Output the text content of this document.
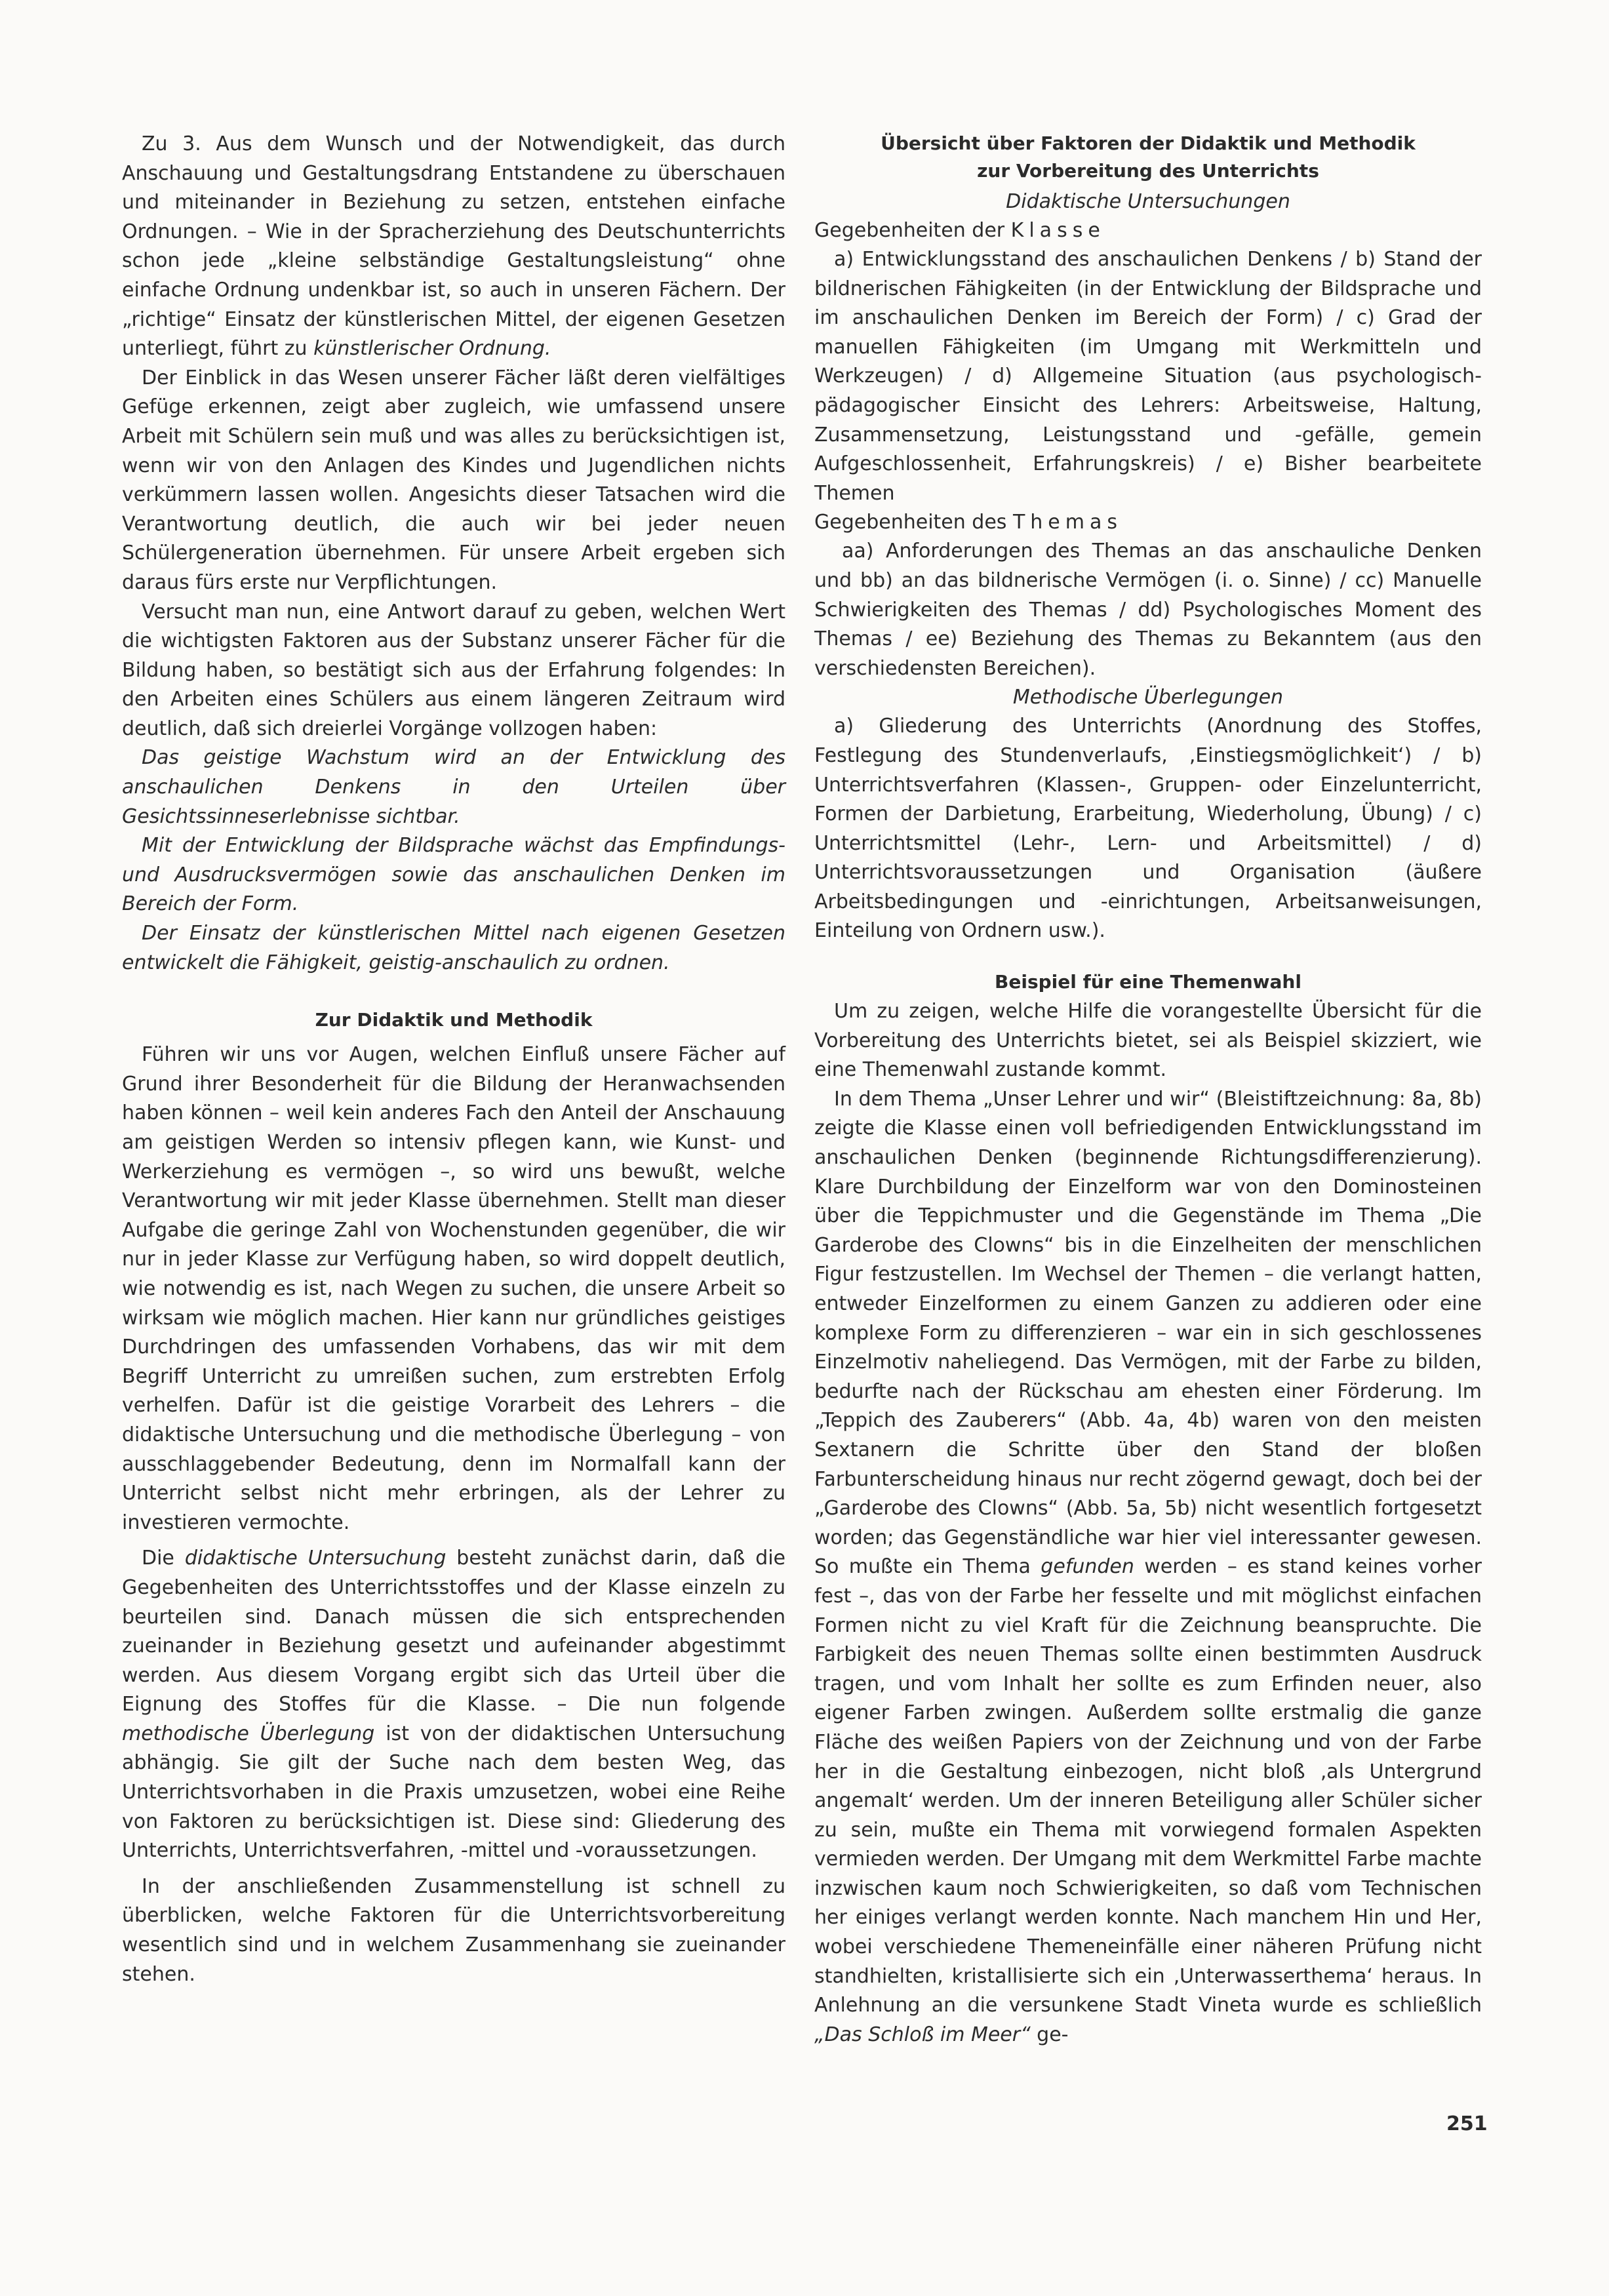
Zu 3. Aus dem Wunsch und der Notwendigkeit, das durch Anschauung und Gestaltungsdrang Entstandene zu überschauen und miteinander in Beziehung zu setzen, entstehen einfache Ordnungen. – Wie in der Spracherziehung des Deutschunterrichts schon jede „kleine selbständige Gestaltungsleistung“ ohne einfache Ordnung undenkbar ist, so auch in unseren Fächern. Der „richtige“ Einsatz der künstlerischen Mittel, der eigenen Gesetzen unterliegt, führt zu künstlerischer Ordnung.

Der Einblick in das Wesen unserer Fächer läßt deren vielfältiges Gefüge erkennen, zeigt aber zugleich, wie umfassend unsere Arbeit mit Schülern sein muß und was alles zu berücksichtigen ist, wenn wir von den Anlagen des Kindes und Jugendlichen nichts verkümmern lassen wollen. Angesichts dieser Tatsachen wird die Verantwortung deutlich, die auch wir bei jeder neuen Schülergeneration übernehmen. Für unsere Arbeit ergeben sich daraus fürs erste nur Verpflichtungen.

Versucht man nun, eine Antwort darauf zu geben, welchen Wert die wichtigsten Faktoren aus der Substanz unserer Fächer für die Bildung haben, so bestätigt sich aus der Erfahrung folgendes: In den Arbeiten eines Schülers aus einem längeren Zeitraum wird deutlich, daß sich dreierlei Vorgänge vollzogen haben:

Das geistige Wachstum wird an der Entwicklung des anschaulichen Denkens in den Urteilen über Gesichtssinneserlebnisse sichtbar.

Mit der Entwicklung der Bildsprache wächst das Empfindungs- und Ausdrucksvermögen sowie das anschaulichen Denken im Bereich der Form.

Der Einsatz der künstlerischen Mittel nach eigenen Gesetzen entwickelt die Fähigkeit, geistig-anschaulich zu ordnen.

Zur Didaktik und Methodik

Führen wir uns vor Augen, welchen Einfluß unsere Fächer auf Grund ihrer Besonderheit für die Bildung der Heranwachsenden haben können – weil kein anderes Fach den Anteil der Anschauung am geistigen Werden so intensiv pflegen kann, wie Kunst- und Werkerziehung es vermögen –, so wird uns bewußt, welche Verantwortung wir mit jeder Klasse übernehmen. Stellt man dieser Aufgabe die geringe Zahl von Wochenstunden gegenüber, die wir nur in jeder Klasse zur Verfügung haben, so wird doppelt deutlich, wie notwendig es ist, nach Wegen zu suchen, die unsere Arbeit so wirksam wie möglich machen. Hier kann nur gründliches geistiges Durchdringen des umfassenden Vorhabens, das wir mit dem Begriff Unterricht zu umreißen suchen, zum erstrebten Erfolg verhelfen. Dafür ist die geistige Vorarbeit des Lehrers – die didaktische Untersuchung und die methodische Überlegung – von ausschlaggebender Bedeutung, denn im Normalfall kann der Unterricht selbst nicht mehr erbringen, als der Lehrer zu investieren vermochte.

Die didaktische Untersuchung besteht zunächst darin, daß die Gegebenheiten des Unterrichtsstoffes und der Klasse einzeln zu beurteilen sind. Danach müssen die sich entsprechenden zueinander in Beziehung gesetzt und aufeinander abgestimmt werden. Aus diesem Vorgang ergibt sich das Urteil über die Eignung des Stoffes für die Klasse. – Die nun folgende methodische Überlegung ist von der didaktischen Untersuchung abhängig. Sie gilt der Suche nach dem besten Weg, das Unterrichtsvorhaben in die Praxis umzusetzen, wobei eine Reihe von Faktoren zu berücksichtigen ist. Diese sind: Gliederung des Unterrichts, Unterrichtsverfahren, -mittel und -voraussetzungen.

In der anschließenden Zusammenstellung ist schnell zu überblicken, welche Faktoren für die Unterrichtsvorbereitung wesentlich sind und in welchem Zusammenhang sie zueinander stehen.

Übersicht über Faktoren der Didaktik und Methodik

zur Vorbereitung des Unterrichts

Didaktische Untersuchungen

Gegebenheiten der Klasse

a) Entwicklungsstand des anschaulichen Denkens / b) Stand der bildnerischen Fähigkeiten (in der Entwicklung der Bildsprache und im anschaulichen Denken im Bereich der Form) / c) Grad der manuellen Fähigkeiten (im Umgang mit Werkmitteln und Werkzeugen) / d) Allgemeine Situation (aus psychologisch-pädagogischer Einsicht des Lehrers: Arbeitsweise, Haltung, Zusammensetzung, Leistungsstand und -gefälle, gemein Aufgeschlossenheit, Erfahrungskreis) / e) Bisher bearbeitete Themen

Gegebenheiten des Themas

aa) Anforderungen des Themas an das anschauliche Denken und bb) an das bildnerische Vermögen (i. o. Sinne) / cc) Manuelle Schwierigkeiten des Themas / dd) Psychologisches Moment des Themas / ee) Beziehung des Themas zu Bekanntem (aus den verschiedensten Bereichen).

Methodische Überlegungen

a) Gliederung des Unterrichts (Anordnung des Stoffes, Festlegung des Stundenverlaufs, ‚Einstiegsmöglichkeit‘) / b) Unterrichtsverfahren (Klassen-, Gruppen- oder Einzelunterricht, Formen der Darbietung, Erarbeitung, Wiederholung, Übung) / c) Unterrichtsmittel (Lehr-, Lern- und Arbeitsmittel) / d) Unterrichtsvoraussetzungen und Organisation (äußere Arbeitsbedingungen und -einrichtungen, Arbeitsanweisungen, Einteilung von Ordnern usw.).

Beispiel für eine Themenwahl

Um zu zeigen, welche Hilfe die vorangestellte Übersicht für die Vorbereitung des Unterrichts bietet, sei als Beispiel skizziert, wie eine Themenwahl zustande kommt.

In dem Thema „Unser Lehrer und wir“ (Bleistiftzeichnung: 8a, 8b) zeigte die Klasse einen voll befriedigenden Entwicklungsstand im anschaulichen Denken (beginnende Richtungsdifferenzierung). Klare Durchbildung der Einzelform war von den Dominosteinen über die Teppichmuster und die Gegenstände im Thema „Die Garderobe des Clowns“ bis in die Einzelheiten der menschlichen Figur festzustellen. Im Wechsel der Themen – die verlangt hatten, entweder Einzelformen zu einem Ganzen zu addieren oder eine komplexe Form zu differenzieren – war ein in sich geschlossenes Einzelmotiv naheliegend. Das Vermögen, mit der Farbe zu bilden, bedurfte nach der Rückschau am ehesten einer Förderung. Im „Teppich des Zauberers“ (Abb. 4a, 4b) waren von den meisten Sextanern die Schritte über den Stand der bloßen Farbunterscheidung hinaus nur recht zögernd gewagt, doch bei der „Garderobe des Clowns“ (Abb. 5a, 5b) nicht wesentlich fortgesetzt worden; das Gegenständliche war hier viel interessanter gewesen. So mußte ein Thema gefunden werden – es stand keines vorher fest –, das von der Farbe her fesselte und mit möglichst einfachen Formen nicht zu viel Kraft für die Zeichnung beanspruchte. Die Farbigkeit des neuen Themas sollte einen bestimmten Ausdruck tragen, und vom Inhalt her sollte es zum Erfinden neuer, also eigener Farben zwingen. Außerdem sollte erstmalig die ganze Fläche des weißen Papiers von der Zeichnung und von der Farbe her in die Gestaltung einbezogen, nicht bloß ‚als Untergrund angemalt‘ werden. Um der inneren Beteiligung aller Schüler sicher zu sein, mußte ein Thema mit vorwiegend formalen Aspekten vermieden werden. Der Umgang mit dem Werkmittel Farbe machte inzwischen kaum noch Schwierigkeiten, so daß vom Technischen her einiges verlangt werden konnte. Nach manchem Hin und Her, wobei verschiedene Themeneinfälle einer näheren Prüfung nicht standhielten, kristallisierte sich ein ‚Unterwasserthema‘ heraus. In Anlehnung an die versunkene Stadt Vineta wurde es schließlich „Das Schloß im Meer“ ge-

251
